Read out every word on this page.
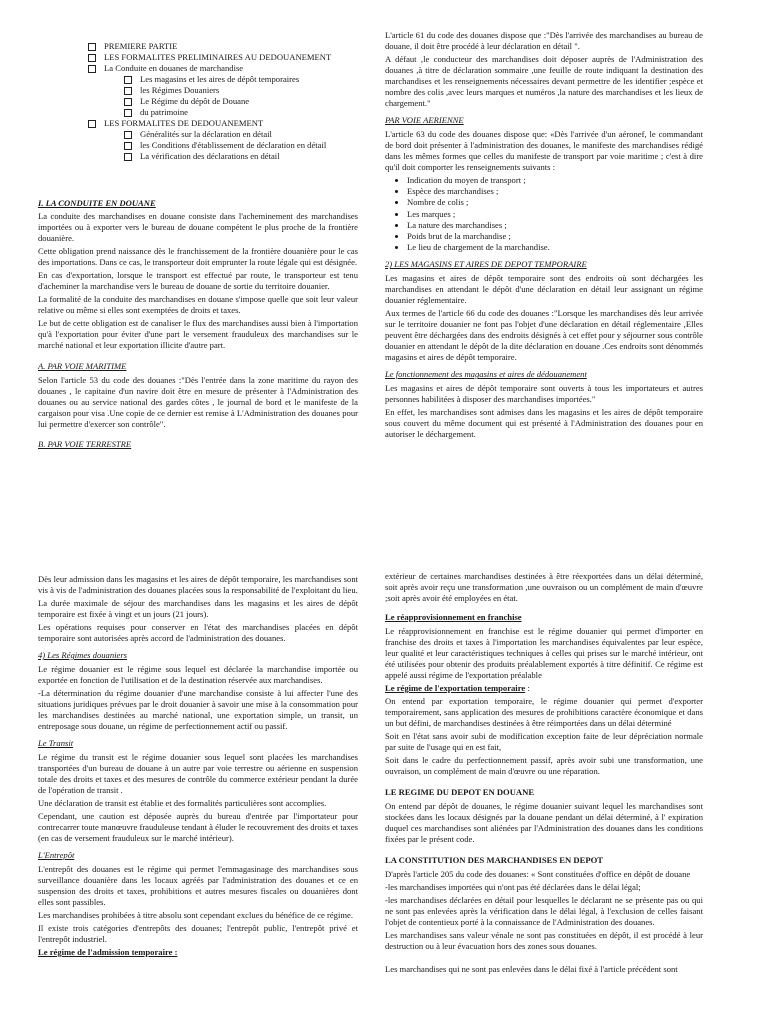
PREMIERE PARTIE
LES FORMALITES PRELIMINAIRES AU DEDOUANEMENT
La Conduite en douanes de marchandise
Les magasins et les aires de dépôt temporaires
les Régimes Douaniers
Le Régime du dépôt de Douane
du patrimoine
LES FORMALITES DE DEDOUANEMENT
Généralités sur la déclaration en détail
les Conditions d'établissement de déclaration en détail
La vérification des déclarations en détail
I. LA CONDUITE EN DOUANE
La conduite des marchandises en douane consiste dans l'acheminement des marchandises importées ou à exporter vers le bureau de douane compétent le plus proche de la frontière douanière.
Cette obligation prend naissance dès le franchissement de la frontière douanière pour le cas des importations. Dans ce cas, le transporteur doit emprunter la route légale qui est désignée.
En cas d'exportation, lorsque le transport est effectué par route, le transporteur est tenu d'acheminer la marchandise vers le bureau de douane de sortie du territoire douanier.
La formalité de la conduite des marchandises en douane s'impose quelle que soit leur valeur relative ou même si elles sont exemptées de droits et taxes.
Le but de cette obligation est de canaliser le flux des marchandises aussi bien à l'importation qu'à l'exportation pour éviter d'une part le versement frauduleux des marchandises sur le marché national et leur exportation illicite d'autre part.
A. PAR VOIE MARITIME
Selon l'article 53 du code des douanes :"Dès l'entrée dans la zone maritime du rayon des douanes , le capitaine d'un navire doit être en mesure de présenter à l'Administration des douanes ou au service national des gardes côtes , le journal de bord et le manifeste de la cargaison pour visa .Une copie de ce dernier est remise à L'Administration des douanes pour lui permettre d'exercer son contrôle".
B. PAR VOIE TERRESTRE
L'article 61 du code des douanes dispose que :"Dès l'arrivée des marchandises au bureau de douane, il doit être procédé à leur déclaration en détail ".
A défaut ,le conducteur des marchandises doit déposer auprès de l'Administration des douanes ,à titre de déclaration sommaire ,une feuille de route indiquant la destination des marchandises et les renseignements nécessaires devant permettre de les identifier ;espèce et nombre des colis ,avec leurs marques et numéros ,la nature des marchandises et les lieux de chargement."
PAR VOIE AERIENNE
L'article 63 du code des douanes dispose que: «Dès l'arrivée d'un aéronef, le commandant de bord doit présenter à l'administration des douanes, le manifeste des marchandises rédigé dans les mêmes formes que celles du manifeste de transport par voie maritime ; c'est à dire qu'il doit comporter les renseignements suivants :
• Indication du moyen de transport ;
• Espèce des marchandises ;
• Nombre de colis ;
• Les marques ;
• La nature des marchandises ;
• Poids brut de la marchandise ;
• Le lieu de chargement de la marchandise.
2) LES MAGASINS ET AIRES DE DEPOT TEMPORAIRE
Les magasins et aires de dépôt temporaire sont des endroits où sont déchargées les marchandises en attendant le dépôt d'une déclaration en détail leur assignant un régime douanier réglementaire.
Aux termes de l'article 66 du code des douanes :"Lorsque les marchandises dès leur arrivée sur le territoire douanier ne font pas l'objet d'une déclaration en détail réglementaire ,Elles peuvent être déchargées dans des endroits désignés à cet effet pour y séjourner sous contrôle douanier en attendant le dépôt de la dite déclaration en douane .Ces endroits sont dénommés magasins et aires de dépôt temporaire.
Le fonctionnement des magasins et aires de dédouanement
Les magasins et aires de dépôt temporaire sont ouverts à tous les importateurs et autres personnes habilitées à disposer des marchandises importées."
En effet, les marchandises sont admises dans les magasins et les aires de dépôt temporaire sous couvert du même document qui est présenté à l'Administration des douanes pour en autoriser le déchargement.
Dès leur admission dans les magasins et les aires de dépôt temporaire, les marchandises sont vis à vis de l'administration des douanes placées sous la responsabilité de l'exploitant du lieu.
La durée maximale de séjour des marchandises dans les magasins et les aires de dépôt temporaire est fixée à vingt et un jours (21 jours).
Les opérations requises pour conserver en l'état des marchandises placées en dépôt temporaire sont autorisées après accord de l'administration des douanes.
4) Les Régimes douaniers
Le régime douanier est le régime sous lequel est déclarée la marchandise importée ou exportée en fonction de l'utilisation et de la destination réservée aux marchandises.
-La détermination du régime douanier d'une marchandise consiste à lui affecter l'une des situations juridiques prévues par le droit douanier à savoir une mise à la consommation pour les marchandises destinées au marché national, une exportation simple, un transit, un entreposage sous douane, un régime de perfectionnement actif ou passif.
Le Transit
Le régime du transit est le régime douanier sous lequel sont placées les marchandises transportées d'un bureau de douane à un autre par voie terrestre ou aérienne en suspension totale des droits et taxes et des mesures de contrôle du commerce extérieur pendant la durée de l'opération de transit .
Une déclaration de transit est établie et des formalités particulières sont accomplies.
Cependant, une caution est déposée auprès du bureau d'entrée par l'importateur pour contrecarrer toute manœuvre frauduleuse tendant à éluder le recouvrement des droits et taxes (en cas de versement frauduleux sur le marché intérieur).
L'Entrepôt
L'entrepôt des douanes est le régime qui permet l'emmagasinage des marchandises sous surveillance douanière dans les locaux agréés par l'administration des douanes et ce en suspension des droits et taxes, prohibitions et autres mesures fiscales ou douanières dont elles sont passibles.
Les marchandises prohibées à titre absolu sont cependant exclues du bénéfice de ce régime.
Il existe trois catégories d'entrepôts des douanes; l'entrepôt public, l'entrepôt privé et l'entrepôt industriel.
Le régime de l'admission temporaire :
extérieur de certaines marchandises destinées à être réexportées dans un délai déterminé, soit après avoir reçu une transformation ,une ouvraison ou un complément de main d'œuvre ;soit après avoir été employées en état.
Le réapprovisionnement en franchise
Le réapprovisionnement en franchise est le régime douanier qui permet d'importer en franchise des droits et taxes à l'importation les marchandises équivalentes par leur espèce, leur qualité et leur caractéristiques techniques à celles qui prises sur le marché intérieur, ont été utilisées pour obtenir des produits préalablement exportés à titre définitif. Ce régime est appelé aussi régime de l'exportation préalable
Le régime de l'exportation temporaire :
On entend par exportation temporaire, le régime douanier qui permet d'exporter temporairement, sans application des mesures de prohibitions caractère économique et dans un but défini, de marchandises destinées à être réimportées dans un délai déterminé
Soit en l'état sans avoir subi de modification exception faite de leur dépréciation normale par suite de l'usage qui en est fait,
Soit dans le cadre du perfectionnement passif, après avoir subi une transformation, une ouvraison, un complément de main d'œuvre ou une réparation.
LE REGIME DU DEPOT EN DOUANE
On entend par dépôt de douanes, le régime douanier suivant lequel les marchandises sont stockées dans les locaux désignés par la douane pendant un délai déterminé, à l' expiration duquel ces marchandises sont aliénées par l'Administration des douanes dans les conditions fixées par le présent code.
LA CONSTITUTION DES MARCHANDISES EN DEPOT
D'après l'article 205 du code des douanes: « Sont constituées d'office en dépôt de douane
-les marchandises importées qui n'ont pas été déclarées dans le délai légal;
-les marchandises déclarées en détail pour lesquelles le déclarant ne se présente pas ou qui ne sont pas enlevées après la vérification dans le délai légal, à l'exclusion de celles faisant l'objet de contentieux porté à la connaissance de l'Administration des douanes.
Les marchandises sans valeur vénale ne sont pas constituées en dépôt, il est procédé à leur destruction ou à leur évacuation hors des zones sous douanes.
Les marchandises qui ne sont pas enlevées dans le délai fixé à l'article précédent sont
